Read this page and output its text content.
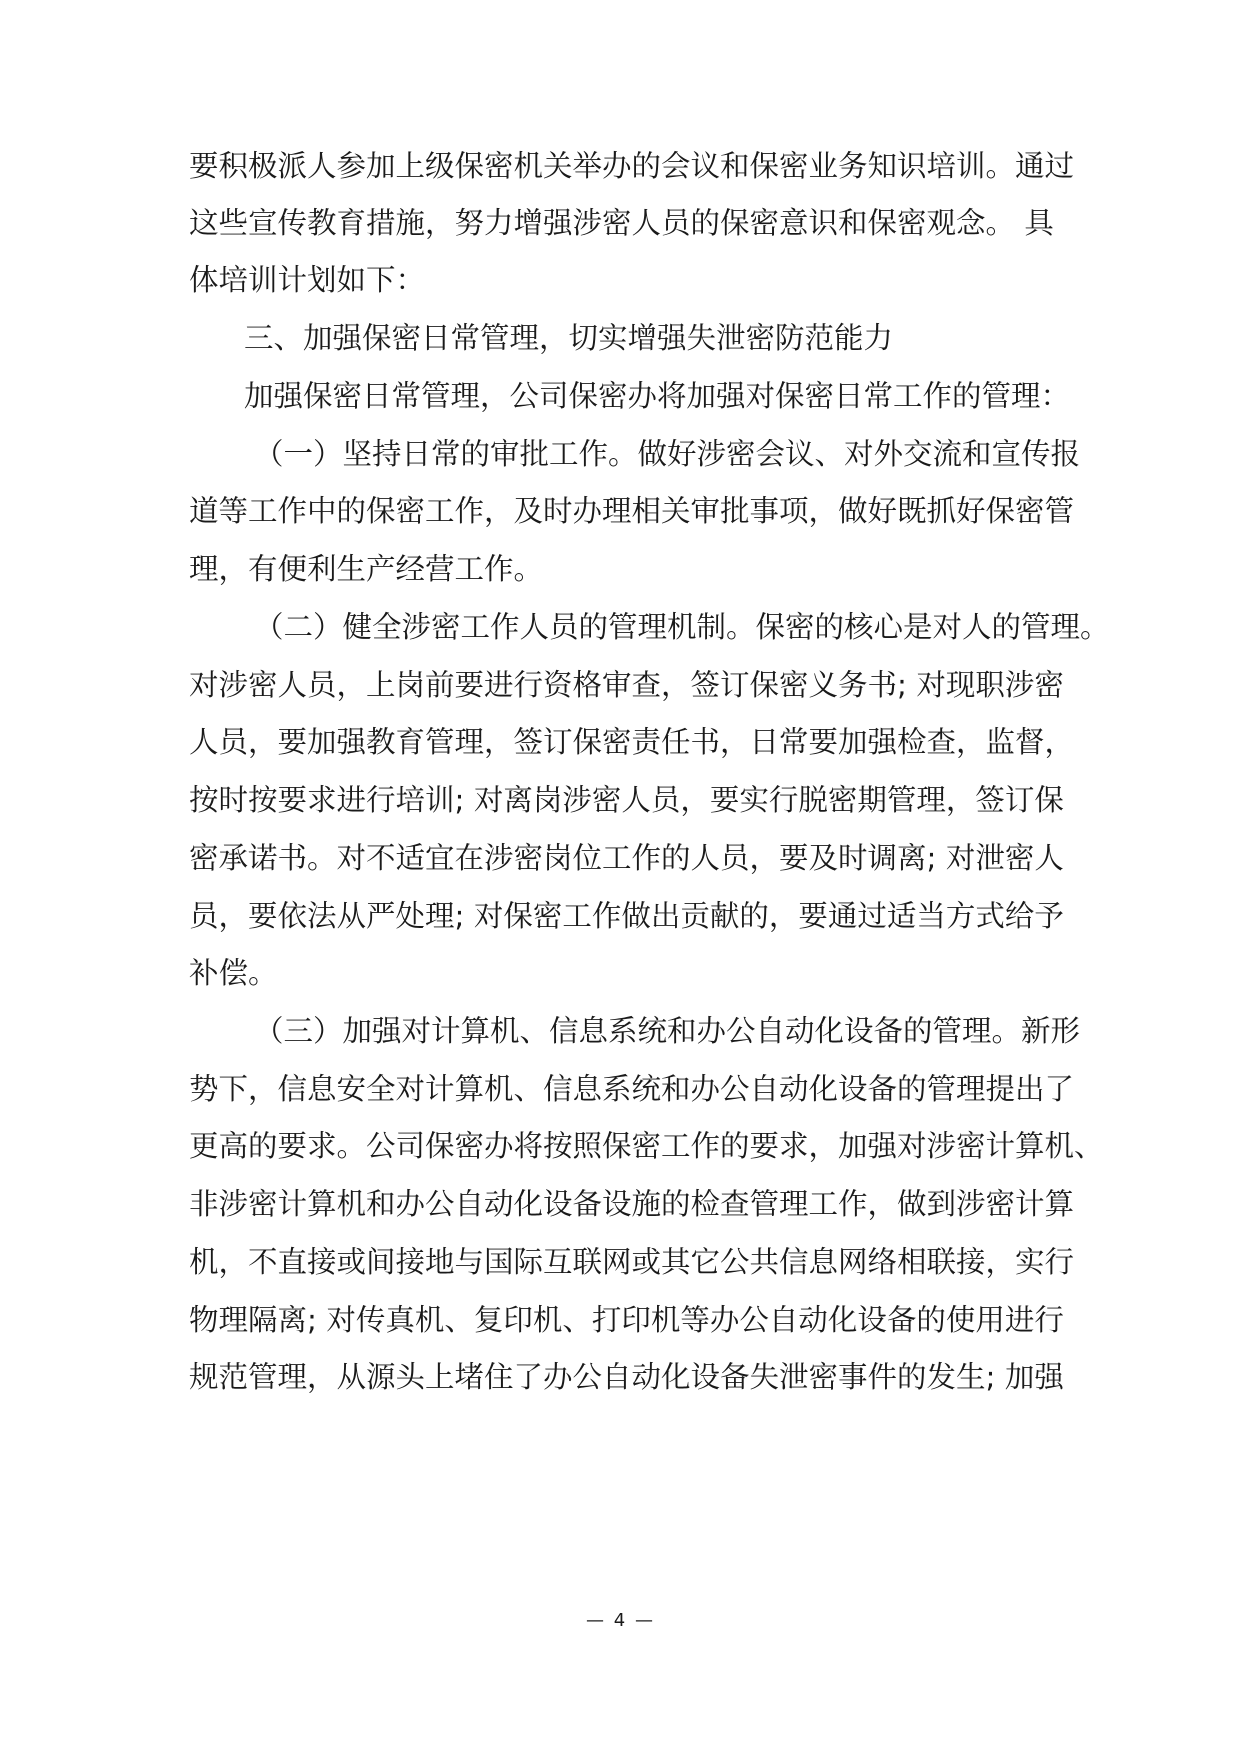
要积极派人参加上级保密机关举办的会议和保密业务知识培训。通过
这些宣传教育措施，努力增强涉密人员的保密意识和保密观念。 具
体培训计划如下：
三、加强保密日常管理，切实增强失泄密防范能力
加强保密日常管理，公司保密办将加强对保密日常工作的管理：
（一）坚持日常的审批工作。做好涉密会议、对外交流和宣传报
道等工作中的保密工作，及时办理相关审批事项，做好既抓好保密管
理，有便利生产经营工作。
（二）健全涉密工作人员的管理机制。保密的核心是对人的管理。
对涉密人员，上岗前要进行资格审查，签订保密义务书; 对现职涉密
人员，要加强教育管理，签订保密责任书，日常要加强检查，监督，
按时按要求进行培训; 对离岗涉密人员，要实行脱密期管理，签订保
密承诺书。对不适宜在涉密岗位工作的人员，要及时调离; 对泄密人
员，要依法从严处理; 对保密工作做出贡献的，要通过适当方式给予
补偿。
（三）加强对计算机、信息系统和办公自动化设备的管理。新形
势下，信息安全对计算机、信息系统和办公自动化设备的管理提出了
更高的要求。公司保密办将按照保密工作的要求，加强对涉密计算机、
非涉密计算机和办公自动化设备设施的检查管理工作，做到涉密计算
机，不直接或间接地与国际互联网或其它公共信息网络相联接，实行
物理隔离; 对传真机、复印机、打印机等办公自动化设备的使用进行
规范管理，从源头上堵住了办公自动化设备失泄密事件的发生; 加强
— 4 —
